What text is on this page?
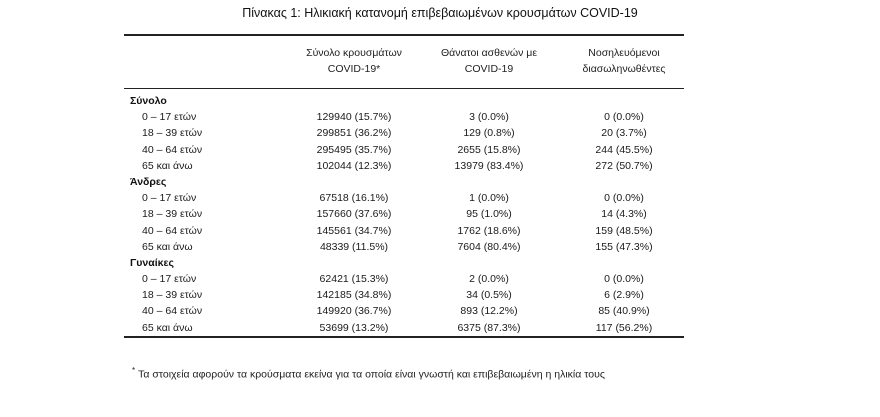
Πίνακας 1: Ηλικιακή κατανομή επιβεβαιωμένων κρουσμάτων COVID-19
Σύνολο κρουσμάτων
COVID-19*
Θάνατοι ασθενών με
COVID-19
Νοσηλευόμενοι
διασωληνωθέντες
Σύνολο
0 – 17 ετών	129940 (15.7%)	3 (0.0%)	0 (0.0%)
18 – 39 ετών	299851 (36.2%)	129 (0.8%)	20 (3.7%)
40 – 64 ετών	295495 (35.7%)	2655 (15.8%)	244 (45.5%)
65 και άνω	102044 (12.3%)	13979 (83.4%)	272 (50.7%)
Άνδρες
0 – 17 ετών	67518 (16.1%)	1 (0.0%)	0 (0.0%)
18 – 39 ετών	157660 (37.6%)	95 (1.0%)	14 (4.3%)
40 – 64 ετών	145561 (34.7%)	1762 (18.6%)	159 (48.5%)
65 και άνω	48339 (11.5%)	7604 (80.4%)	155 (47.3%)
Γυναίκες
0 – 17 ετών	62421 (15.3%)	2 (0.0%)	0 (0.0%)
18 – 39 ετών	142185 (34.8%)	34 (0.5%)	6 (2.9%)
40 – 64 ετών	149920 (36.7%)	893 (12.2%)	85 (40.9%)
65 και άνω	53699 (13.2%)	6375 (87.3%)	117 (56.2%)
* Τα στοιχεία αφορούν τα κρούσματα εκείνα για τα οποία είναι γνωστή και επιβεβαιωμένη η ηλικία τους
